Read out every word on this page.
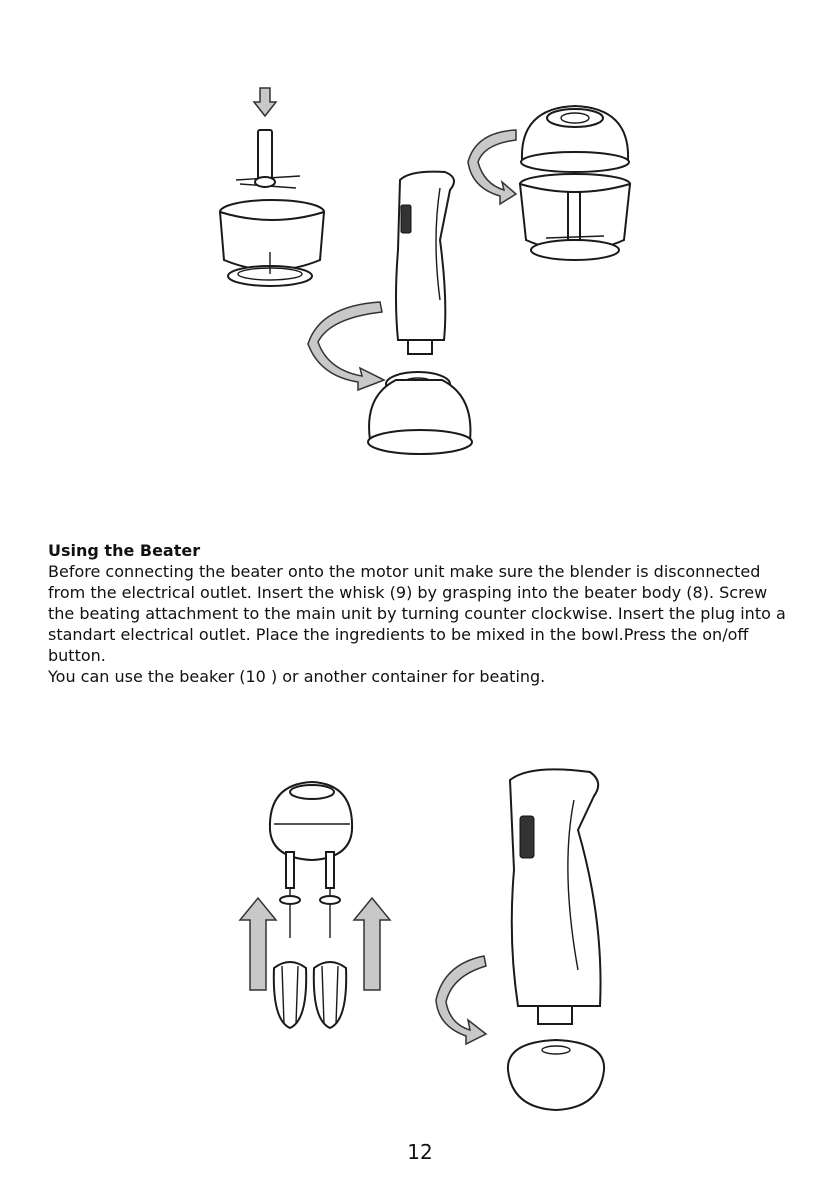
Using the Beater

Before connecting the beater onto the motor unit make sure the blender is disconnected from the electrical outlet. Insert the whisk (9) by grasping into the beater body (8). Screw the beating attachment to the main unit by turning counter clockwise. Insert the plug into a standart electrical outlet. Place the ingredients to be mixed in the bowl.Press the on/off button.

You can use the beaker (10 ) or another container for beating.

12
